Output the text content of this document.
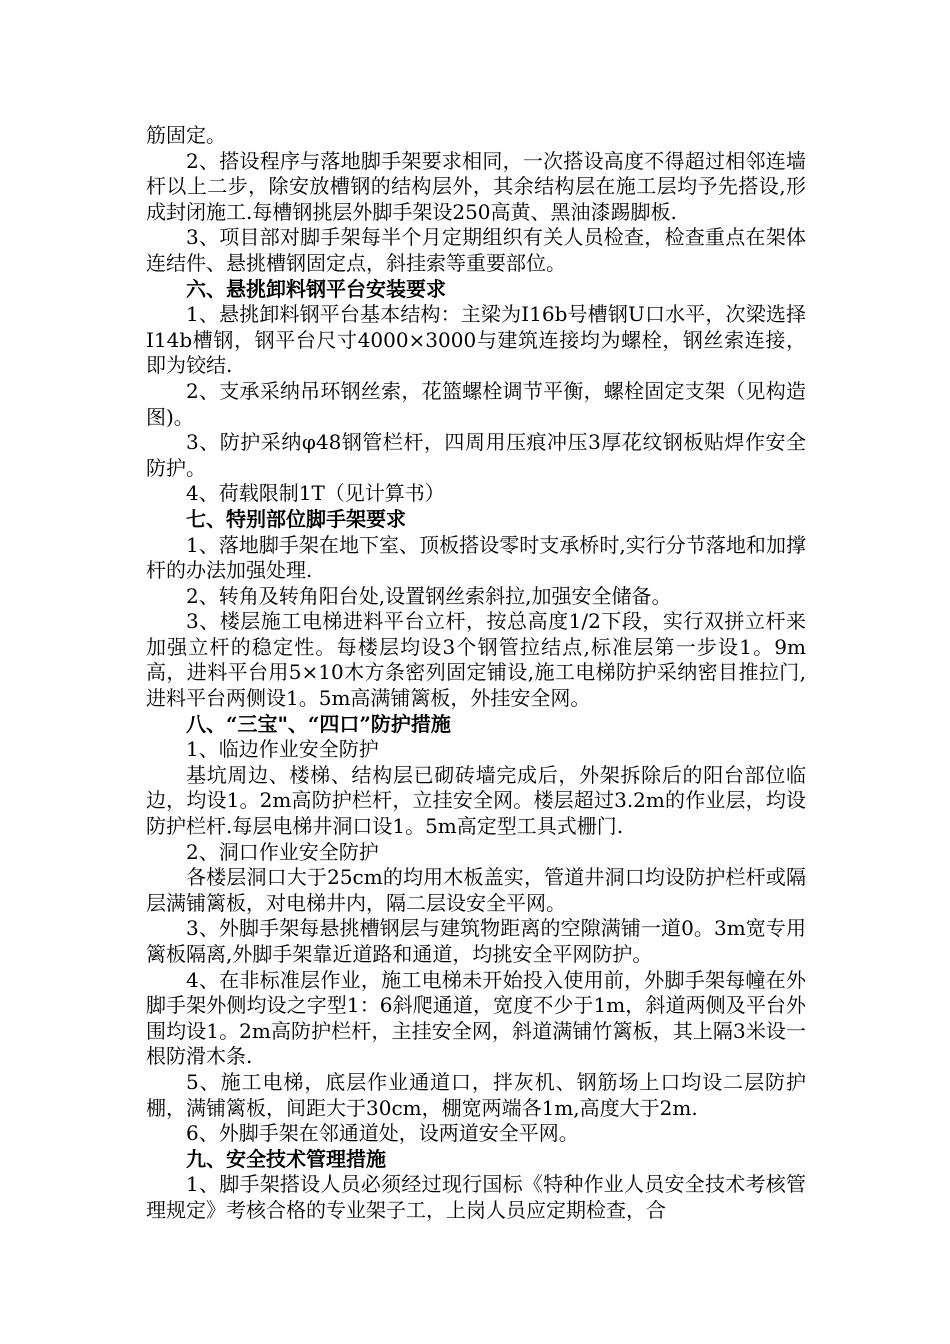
筋固定。

2、搭设程序与落地脚手架要求相同，一次搭设高度不得超过相邻连墙杆以上二步，除安放槽钢的结构层外，其余结构层在施工层均予先搭设,形成封闭施工.每槽钢挑层外脚手架设250高黄、黑油漆踢脚板.

3、项目部对脚手架每半个月定期组织有关人员检查，检查重点在架体连结件、悬挑槽钢固定点，斜挂索等重要部位。

六、悬挑卸料钢平台安装要求

1、悬挑卸料钢平台基本结构：主梁为I16b号槽钢U口水平，次梁选择I14b槽钢，钢平台尺寸4000×3000与建筑连接均为螺栓，钢丝索连接，即为铰结.

2、支承采纳吊环钢丝索，花篮螺栓调节平衡，螺栓固定支架（见构造图)。

3、防护采纳φ48钢管栏杆，四周用压痕冲压3厚花纹钢板贴焊作安全防护。

4、荷载限制1T（见计算书）

七、特别部位脚手架要求

1、落地脚手架在地下室、顶板搭设零时支承桥时,实行分节落地和加撑杆的办法加强处理.

2、转角及转角阳台处,设置钢丝索斜拉,加强安全储备。

3、楼层施工电梯进料平台立杆，按总高度1/2下段，实行双拼立杆来加强立杆的稳定性。每楼层均设3个钢管拉结点,标准层第一步设1。9m高，进料平台用5×10木方条密列固定铺设,施工电梯防护采纳密目推拉门,进料平台两侧设1。5m高满铺篱板，外挂安全网。

八、“三宝"、“四口”防护措施

1、临边作业安全防护

基坑周边、楼梯、结构层已砌砖墙完成后，外架拆除后的阳台部位临边，均设1。2m高防护栏杆，立挂安全网。楼层超过3.2m的作业层，均设防护栏杆.每层电梯井洞口设1。5m高定型工具式栅门.

2、洞口作业安全防护

各楼层洞口大于25cm的均用木板盖实，管道井洞口均设防护栏杆或隔层满铺篱板，对电梯井内，隔二层设安全平网。

3、外脚手架每悬挑槽钢层与建筑物距离的空隙满铺一道0。3m宽专用篱板隔离,外脚手架靠近道路和通道，均挑安全平网防护。

4、在非标准层作业，施工电梯未开始投入使用前，外脚手架每幢在外脚手架外侧均设之字型1：6斜爬通道，宽度不少于1m，斜道两侧及平台外围均设1。2m高防护栏杆，主挂安全网，斜道满铺竹篱板，其上隔3米设一根防滑木条.

5、施工电梯，底层作业通道口，拌灰机、钢筋场上口均设二层防护棚，满铺篱板，间距大于30cm，棚宽两端各1m,高度大于2m.

6、外脚手架在邻通道处，设两道安全平网。

九、安全技术管理措施

1、脚手架搭设人员必须经过现行国标《特种作业人员安全技术考核管理规定》考核合格的专业架子工，上岗人员应定期检查，合
